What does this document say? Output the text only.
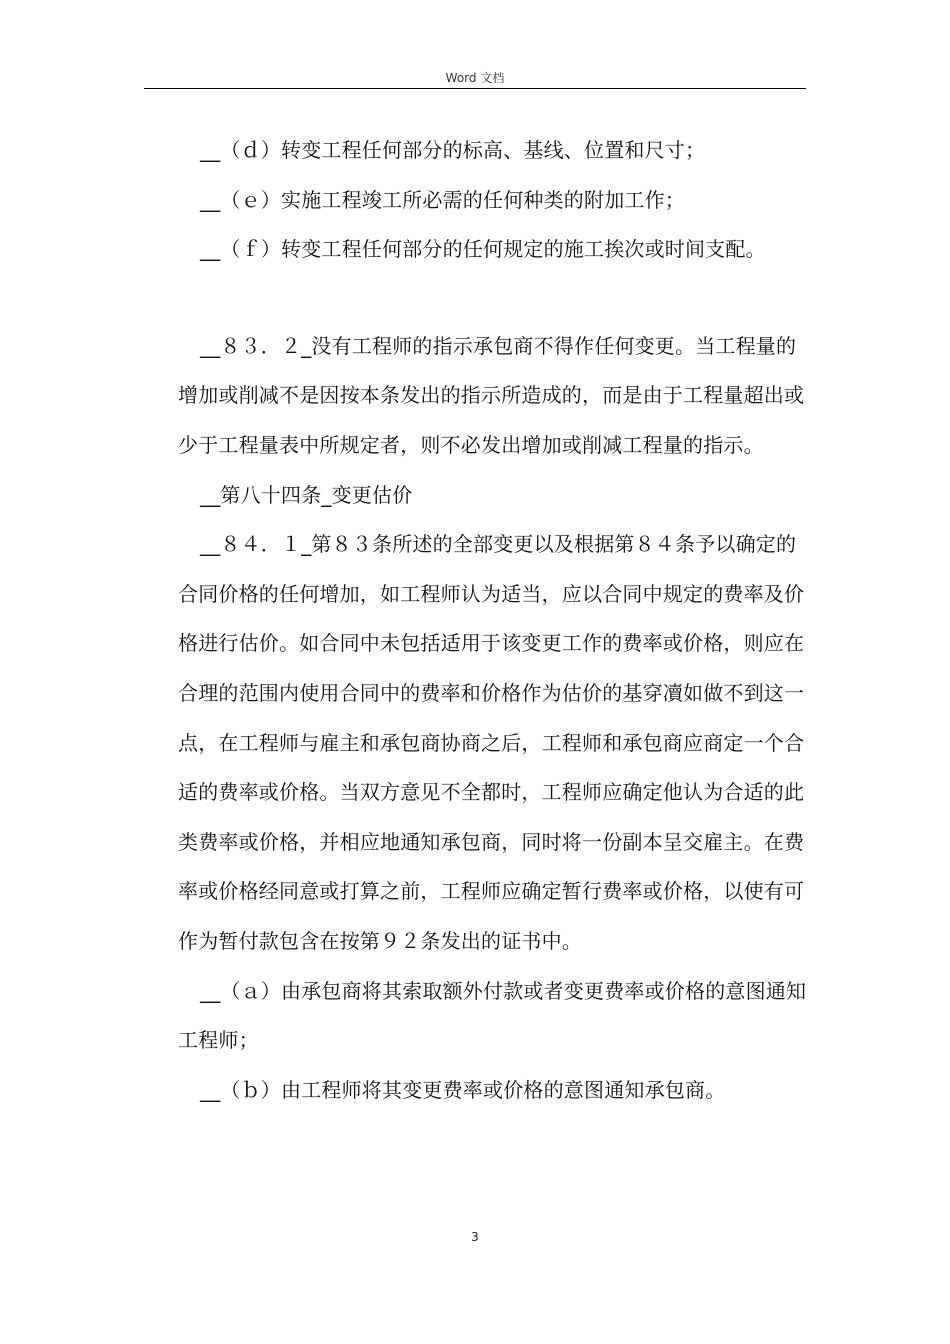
Word 文档

__（ｄ）转变工程任何部分的标高、基线、位置和尺寸；

__（ｅ）实施工程竣工所必需的任何种类的附加工作；

__（ｆ）转变工程任何部分的任何规定的施工挨次或时间支配。

__８３．２_没有工程师的指示承包商不得作任何变更。当工程量的增加或削减不是因按本条发出的指示所造成的，而是由于工程量超出或少于工程量表中所规定者，则不必发出增加或削减工程量的指示。

__第八十四条_变更估价

__８４．１_第８３条所述的全部变更以及根据第８４条予以确定的合同价格的任何增加，如工程师认为适当，应以合同中规定的费率及价格进行估价。如合同中未包括适用于该变更工作的费率或价格，则应在合理的范围内使用合同中的费率和价格作为估价的基穿凟如做不到这一点，在工程师与雇主和承包商协商之后，工程师和承包商应商定一个合适的费率或价格。当双方意见不全都时，工程师应确定他认为合适的此类费率或价格，并相应地通知承包商，同时将一份副本呈交雇主。在费率或价格经同意或打算之前，工程师应确定暂行费率或价格，以使有可作为暂付款包含在按第９２条发出的证书中。

__（ａ）由承包商将其索取额外付款或者变更费率或价格的意图通知工程师；

__（ｂ）由工程师将其变更费率或价格的意图通知承包商。

3
